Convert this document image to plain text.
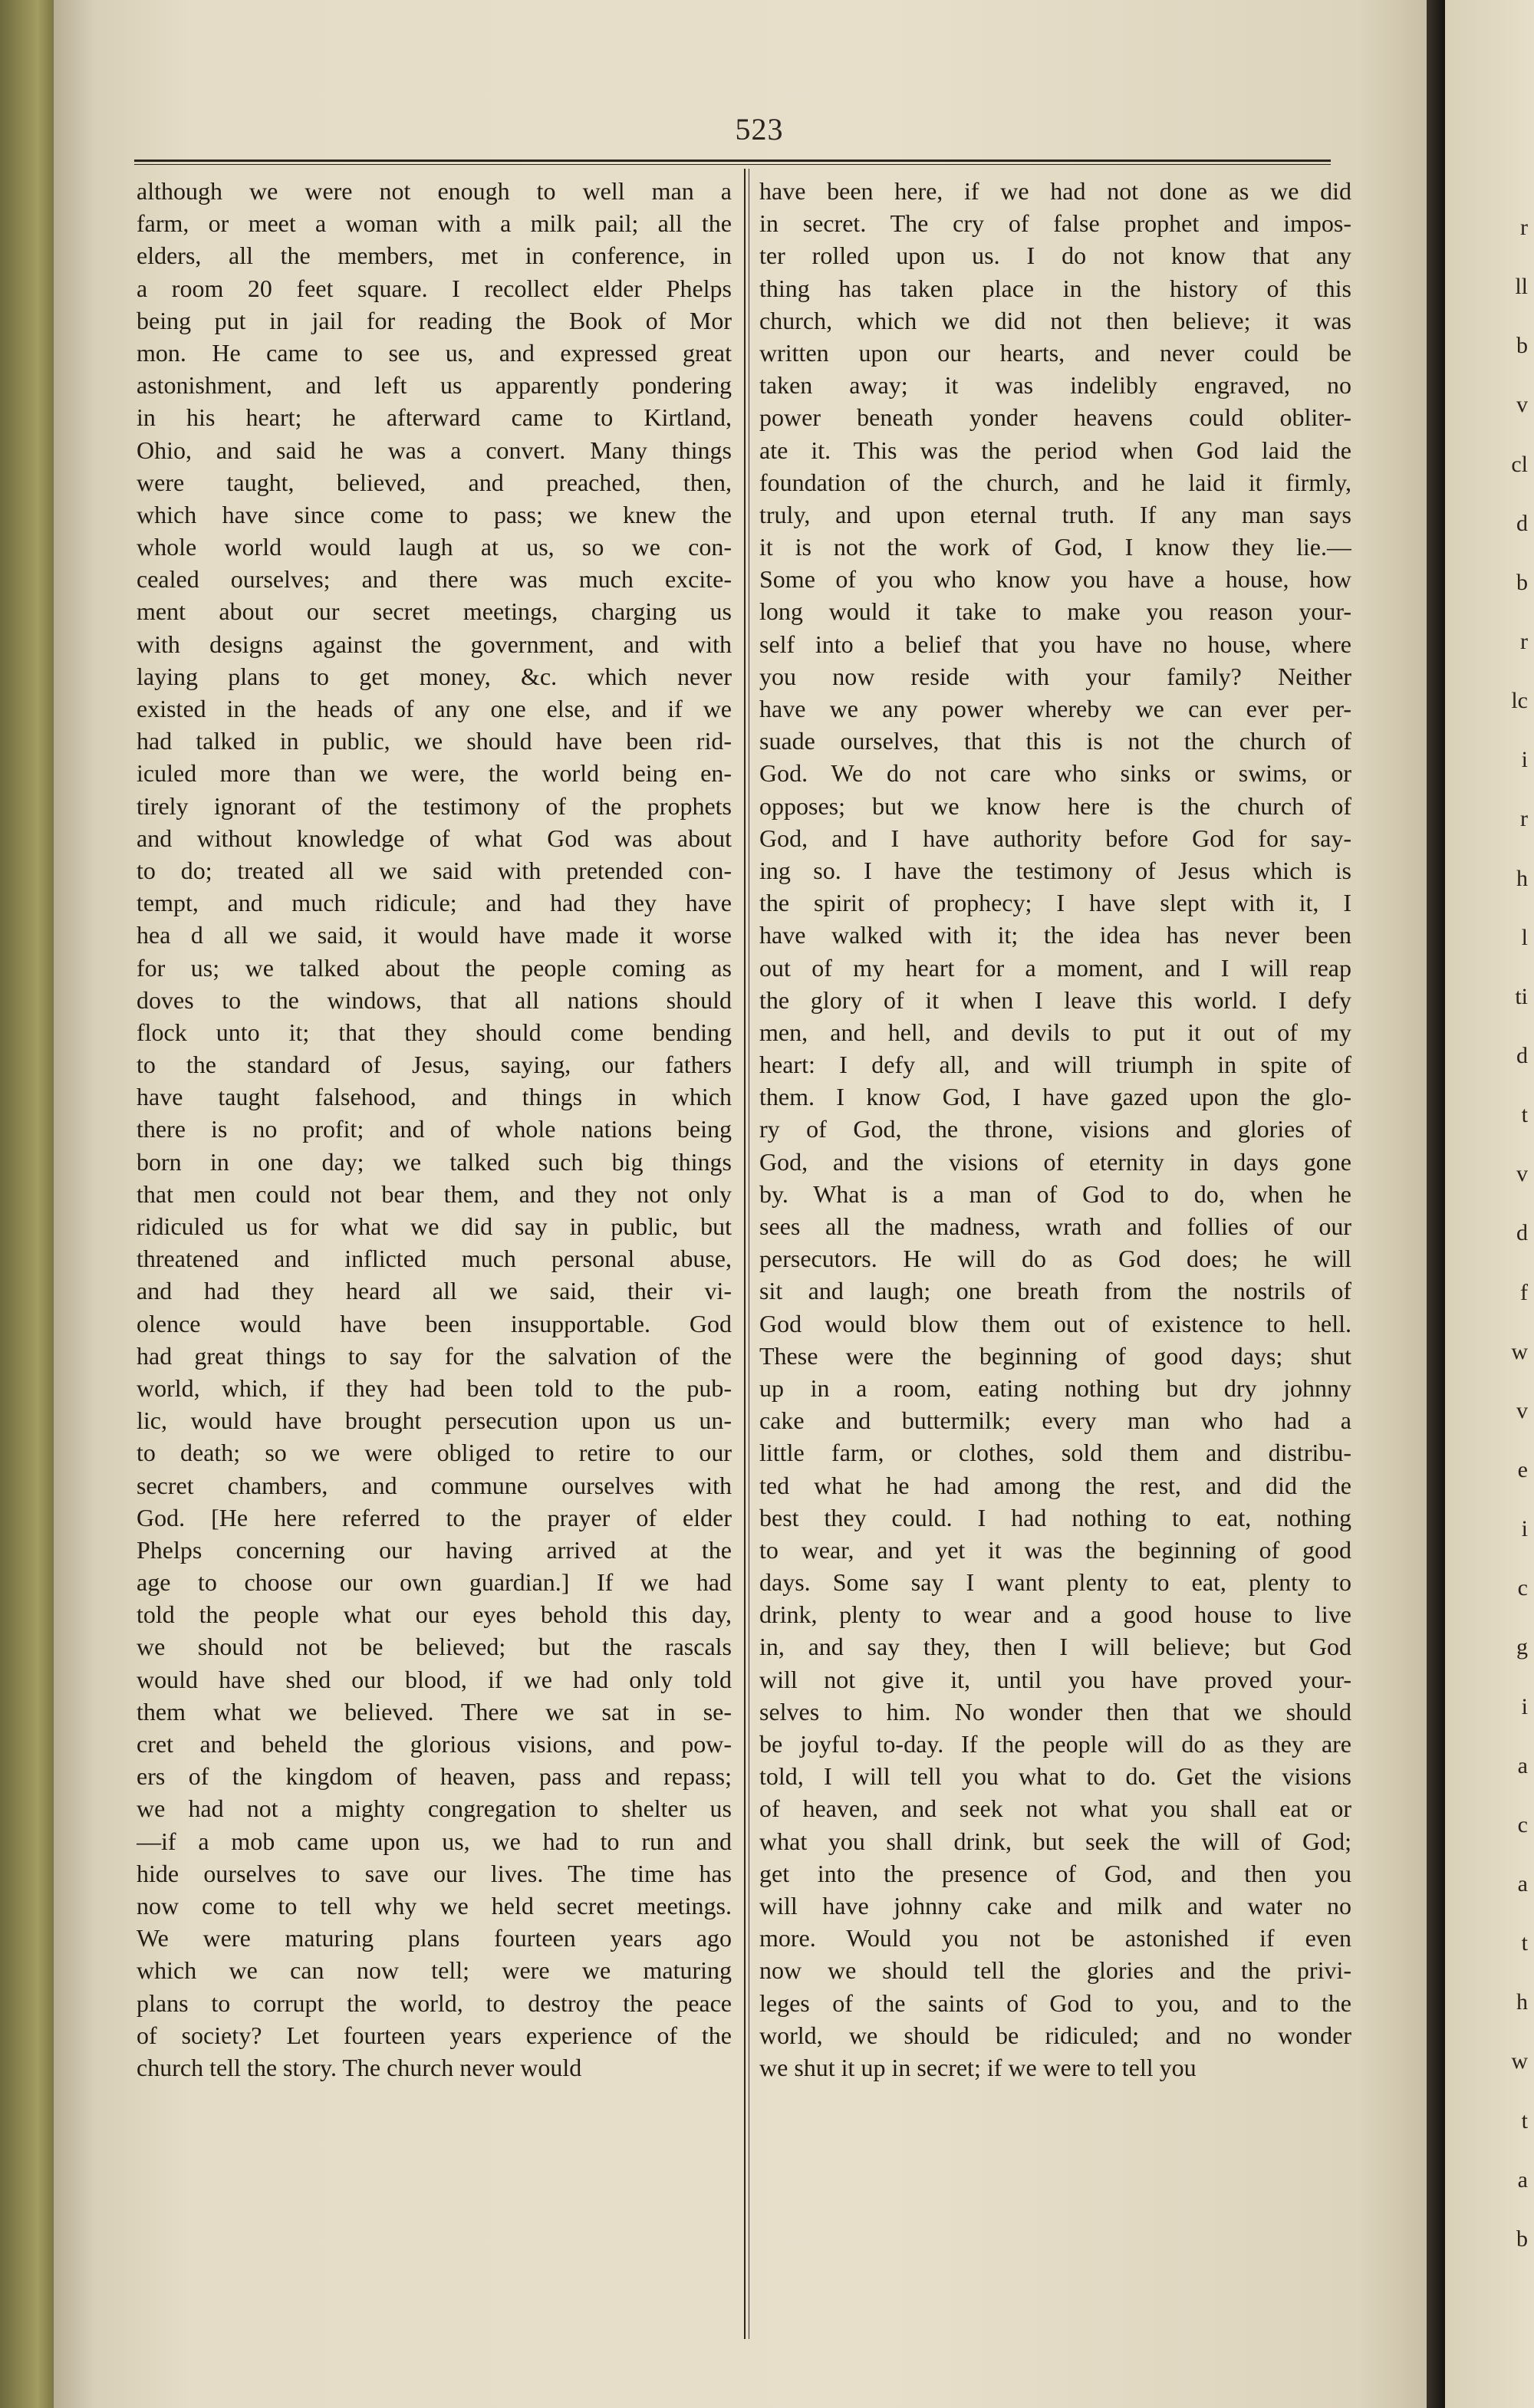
523
although we were not enough to well man a
farm, or meet a woman with a milk pail; all the
elders, all the members, met in conference, in
a room 20 feet square. I recollect elder Phelps
being put in jail for reading the Book of Mor
mon. He came to see us, and expressed great
astonishment, and left us apparently pondering
in his heart; he afterward came to Kirtland,
Ohio, and said he was a convert. Many things
were taught, believed, and preached, then,
which have since come to pass; we knew the
whole world would laugh at us, so we con-
cealed ourselves; and there was much excite-
ment about our secret meetings, charging us
with designs against the government, and with
laying plans to get money, &c. which never
existed in the heads of any one else, and if we
had talked in public, we should have been rid-
iculed more than we were, the world being en-
tirely ignorant of the testimony of the prophets
and without knowledge of what God was about
to do; treated all we said with pretended con-
tempt, and much ridicule; and had they have
hea d all we said, it would have made it worse
for us; we talked about the people coming as
doves to the windows, that all nations should
flock unto it; that they should come bending
to the standard of Jesus, saying, our fathers
have taught falsehood, and things in which
there is no profit; and of whole nations being
born in one day; we talked such big things
that men could not bear them, and they not only
ridiculed us for what we did say in public, but
threatened and inflicted much personal abuse,
and had they heard all we said, their vi-
olence would have been insupportable. God
had great things to say for the salvation of the
world, which, if they had been told to the pub-
lic, would have brought persecution upon us un-
to death; so we were obliged to retire to our
secret chambers, and commune ourselves with
God. [He here referred to the prayer of elder
Phelps concerning our having arrived at the
age to choose our own guardian.] If we had
told the people what our eyes behold this day,
we should not be believed; but the rascals
would have shed our blood, if we had only told
them what we believed. There we sat in se-
cret and beheld the glorious visions, and pow-
ers of the kingdom of heaven, pass and repass;
we had not a mighty congregation to shelter us
—if a mob came upon us, we had to run and
hide ourselves to save our lives. The time has
now come to tell why we held secret meetings.
We were maturing plans fourteen years ago
which we can now tell; were we maturing
plans to corrupt the world, to destroy the peace
of society? Let fourteen years experience of the
church tell the story. The church never would
have been here, if we had not done as we did
in secret. The cry of false prophet and impos-
ter rolled upon us. I do not know that any
thing has taken place in the history of this
church, which we did not then believe; it was
written upon our hearts, and never could be
taken away; it was indelibly engraved, no
power beneath yonder heavens could obliter-
ate it. This was the period when God laid the
foundation of the church, and he laid it firmly,
truly, and upon eternal truth. If any man says
it is not the work of God, I know they lie.—
Some of you who know you have a house, how
long would it take to make you reason your-
self into a belief that you have no house, where
you now reside with your family? Neither
have we any power whereby we can ever per-
suade ourselves, that this is not the church of
God. We do not care who sinks or swims, or
opposes; but we know here is the church of
God, and I have authority before God for say-
ing so. I have the testimony of Jesus which is
the spirit of prophecy; I have slept with it, I
have walked with it; the idea has never been
out of my heart for a moment, and I will reap
the glory of it when I leave this world. I defy
men, and hell, and devils to put it out of my
heart: I defy all, and will triumph in spite of
them. I know God, I have gazed upon the glo-
ry of God, the throne, visions and glories of
God, and the visions of eternity in days gone
by. What is a man of God to do, when he
sees all the madness, wrath and follies of our
persecutors. He will do as God does; he will
sit and laugh; one breath from the nostrils of
God would blow them out of existence to hell.
These were the beginning of good days; shut
up in a room, eating nothing but dry johnny
cake and buttermilk; every man who had a
little farm, or clothes, sold them and distribu-
ted what he had among the rest, and did the
best they could. I had nothing to eat, nothing
to wear, and yet it was the beginning of good
days. Some say I want plenty to eat, plenty to
drink, plenty to wear and a good house to live
in, and say they, then I will believe; but God
will not give it, until you have proved your-
selves to him. No wonder then that we should
be joyful to-day. If the people will do as they are
told, I will tell you what to do. Get the visions
of heaven, and seek not what you shall eat or
what you shall drink, but seek the will of God;
get into the presence of God, and then you
will have johnny cake and milk and water no
more. Would you not be astonished if even
now we should tell the glories and the privi-
leges of the saints of God to you, and to the
world, we should be ridiculed; and no wonder
we shut it up in secret; if we were to tell you
r
ll
b
v
cl
d
b
r
lc
i
r
h
l
ti
d
t
v
d
f
w
v
e
i
c
g
i
a
c
a
t
h
w
t
a
b
